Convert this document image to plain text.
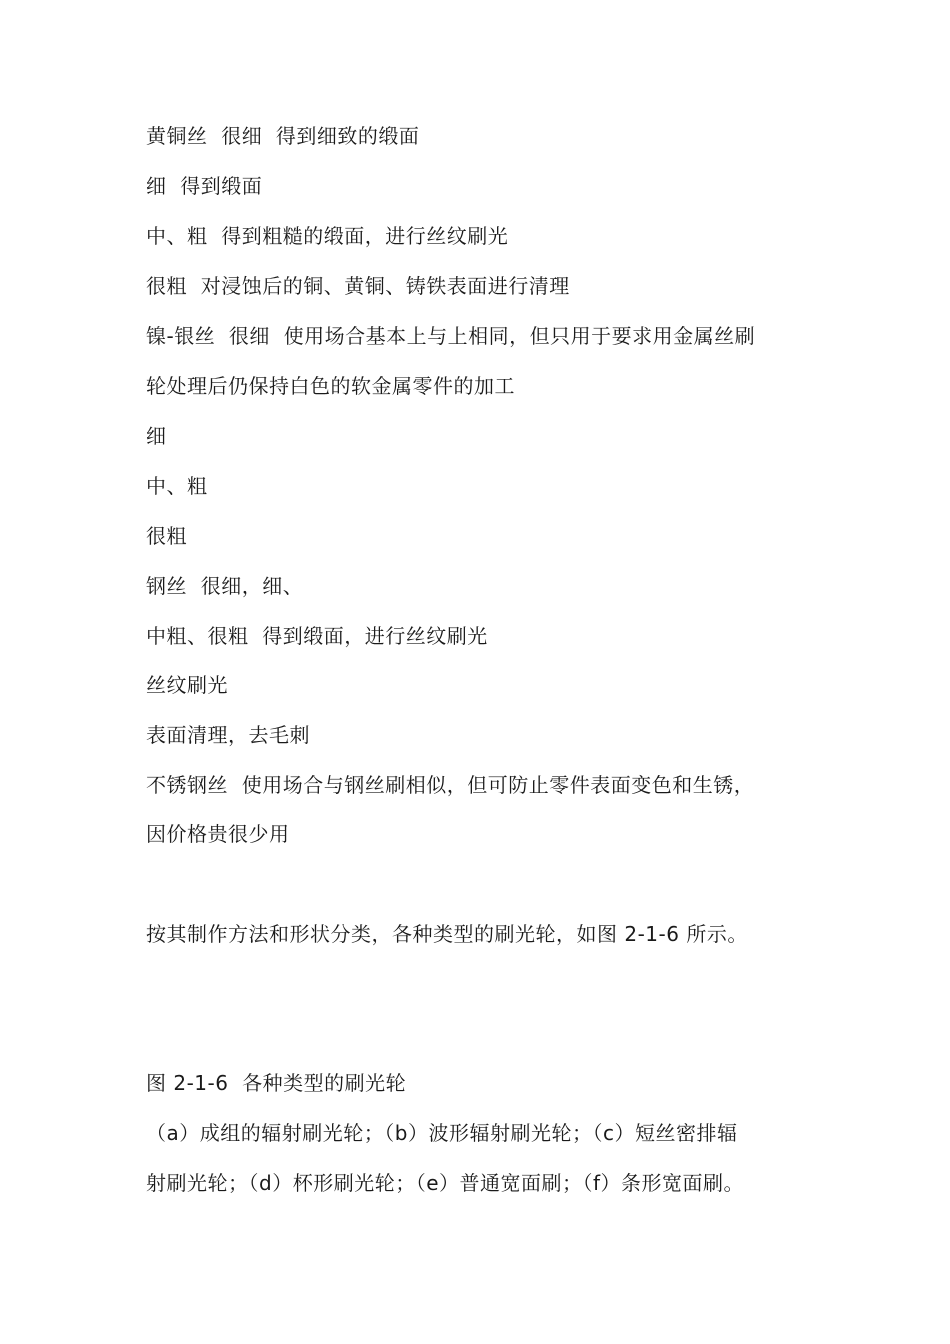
黄铜丝  很细  得到细致的缎面
细  得到缎面
中、粗  得到粗糙的缎面，进行丝纹刷光
很粗  对浸蚀后的铜、黄铜、铸铁表面进行清理
镍-银丝  很细  使用场合基本上与上相同，但只用于要求用金属丝刷
轮处理后仍保持白色的软金属零件的加工
细
中、粗
很粗
钢丝  很细，细、
中粗、很粗  得到缎面，进行丝纹刷光
丝纹刷光
表面清理，去毛刺
不锈钢丝  使用场合与钢丝刷相似，但可防止零件表面变色和生锈，
因价格贵很少用
按其制作方法和形状分类，各种类型的刷光轮，如图 2-1-6 所示。
图 2-1-6  各种类型的刷光轮
（a）成组的辐射刷光轮；（b）波形辐射刷光轮；（c）短丝密排辐
射刷光轮；（d）杯形刷光轮；（e）普通宽面刷；（f）条形宽面刷。
